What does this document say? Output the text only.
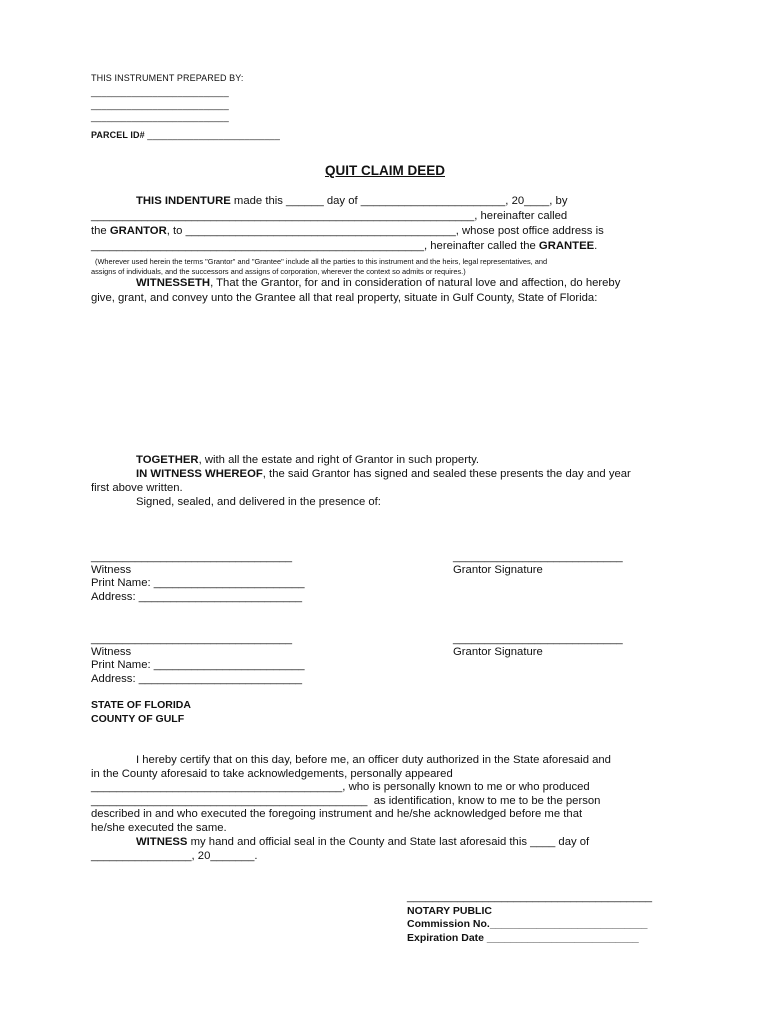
THIS INSTRUMENT PREPARED BY:
___________________________
___________________________
___________________________
PARCEL ID# __________________________
QUIT CLAIM DEED
THIS INDENTURE made this ______ day of _______________________, 20____, by
_____________________________________________________________, hereinafter called
the GRANTOR, to ___________________________________________, whose post office address is
_____________________________________________________, hereinafter called the GRANTEE.
(Wherever used herein the terms "Grantor" and "Grantee" include all the parties to this instrument and the heirs, legal representatives, and
assigns of individuals, and the successors and assigns of corporation, wherever the context so admits or requires.)
WITNESSETH, That the Grantor, for and in consideration of natural love and affection, do hereby
give, grant, and convey unto the Grantee all that real property, situate in Gulf County, State of Florida:
TOGETHER, with all the estate and right of Grantor in such property.
IN WITNESS WHEREOF, the said Grantor has signed and sealed these presents the day and year
first above written.
Signed, sealed, and delivered in the presence of:
________________________________	___________________________
Witness	Grantor Signature
Print Name: ________________________
Address: __________________________
________________________________	___________________________
Witness	Grantor Signature
Print Name: ________________________
Address: __________________________
STATE OF FLORIDA
COUNTY OF GULF
I hereby certify that on this day, before me, an officer duty authorized in the State aforesaid and
in the County aforesaid to take acknowledgements, personally appeared
________________________________________, who is personally known to me or who produced
____________________________________________  as identification, know to me to be the person
described in and who executed the foregoing instrument and he/she acknowledged before me that
he/she executed the same.
WITNESS my hand and official seal in the County and State last aforesaid this ____ day of
________________, 20_______.
_______________________________________
NOTARY PUBLIC
Commission No.___________________________
Expiration Date __________________________
